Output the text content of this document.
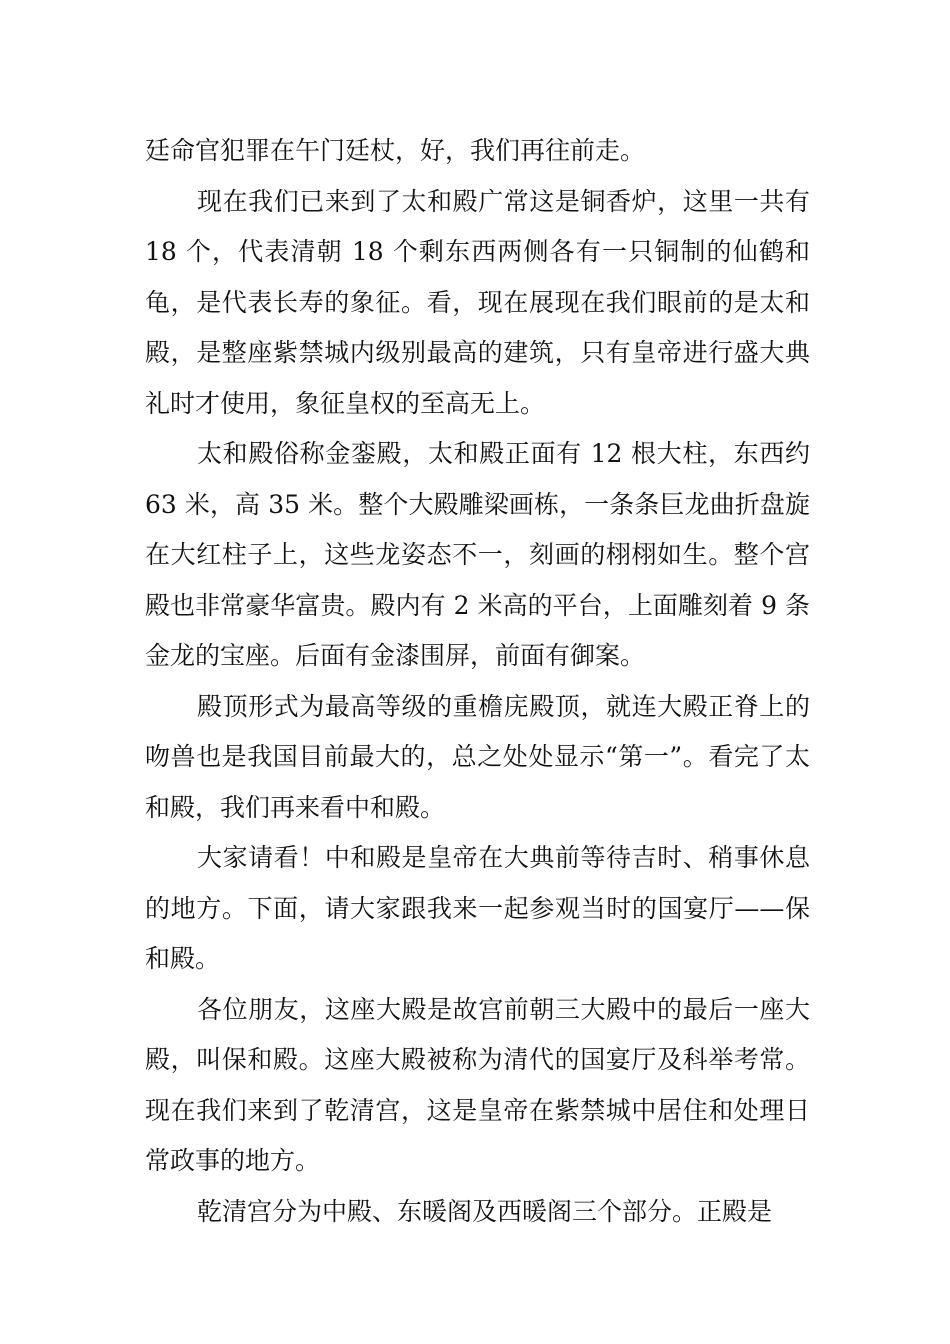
廷命官犯罪在午门廷杖，好，我们再往前走。

现在我们已来到了太和殿广常这是铜香炉，这里一共有 18 个，代表清朝 18 个剩东西两侧各有一只铜制的仙鹤和龟，是代表长寿的象征。看，现在展现在我们眼前的是太和殿，是整座紫禁城内级别最高的建筑，只有皇帝进行盛大典礼时才使用，象征皇权的至高无上。

太和殿俗称金銮殿，太和殿正面有 12 根大柱，东西约 63 米，高 35 米。整个大殿雕梁画栋，一条条巨龙曲折盘旋在大红柱子上，这些龙姿态不一，刻画的栩栩如生。整个宫殿也非常豪华富贵。殿内有 2 米高的平台，上面雕刻着 9 条金龙的宝座。后面有金漆围屏，前面有御案。

殿顶形式为最高等级的重檐庑殿顶，就连大殿正脊上的吻兽也是我国目前最大的，总之处处显示“第一”。看完了太和殿，我们再来看中和殿。

大家请看！中和殿是皇帝在大典前等待吉时、稍事休息的地方。下面，请大家跟我来一起参观当时的国宴厅——保和殿。

各位朋友，这座大殿是故宫前朝三大殿中的最后一座大殿，叫保和殿。这座大殿被称为清代的国宴厅及科举考常。现在我们来到了乾清宫，这是皇帝在紫禁城中居住和处理日常政事的地方。

乾清宫分为中殿、东暖阁及西暖阁三个部分。正殿是
